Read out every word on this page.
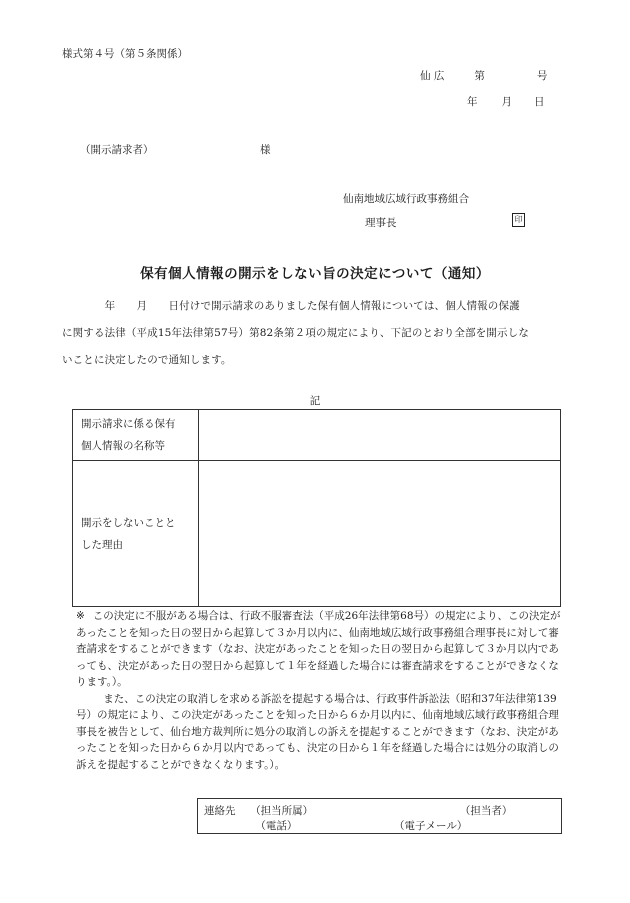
様式第４号（第５条関係）
仙 広	第	号
年 月 日
（開示請求者）	様
仙南地域広域行政事務組合
理事長	印
保有個人情報の開示をしない旨の決定について（通知）
　　　　年　　月　　日付けで開示請求のありました保有個人情報については、個人情報の保護
に関する法律（平成15年法律第57号）第82条第２項の規定により、下記のとおり全部を開示しな
いことに決定したので通知します。
記
開示請求に係る保有
個人情報の名称等	

開示をしないことと
した理由	

※ この決定に不服がある場合は、行政不服審査法（平成26年法律第68号）の規定により、この決定があったことを知った日の翌日から起算して３か月以内に、仙南地域広域行政事務組合理事長に対して審査請求をすることができます（なお、決定があったことを知った日の翌日から起算して３か月以内であっても、決定があった日の翌日から起算して１年を経過した場合には審査請求をすることができなくなります。）。

また、この決定の取消しを求める訴訟を提起する場合は、行政事件訴訟法（昭和37年法律第139号）の規定により、この決定があったことを知った日から６か月以内に、仙南地域広域行政事務組合理事長を被告として、仙台地方裁判所に処分の取消しの訴えを提起することができます（なお、決定があったことを知った日から６か月以内であっても、決定の日から１年を経過した場合には処分の取消しの訴えを提起することができなくなります。）。

連絡先 （担当所属）	（担当者）
（電話）	（電子メール）
